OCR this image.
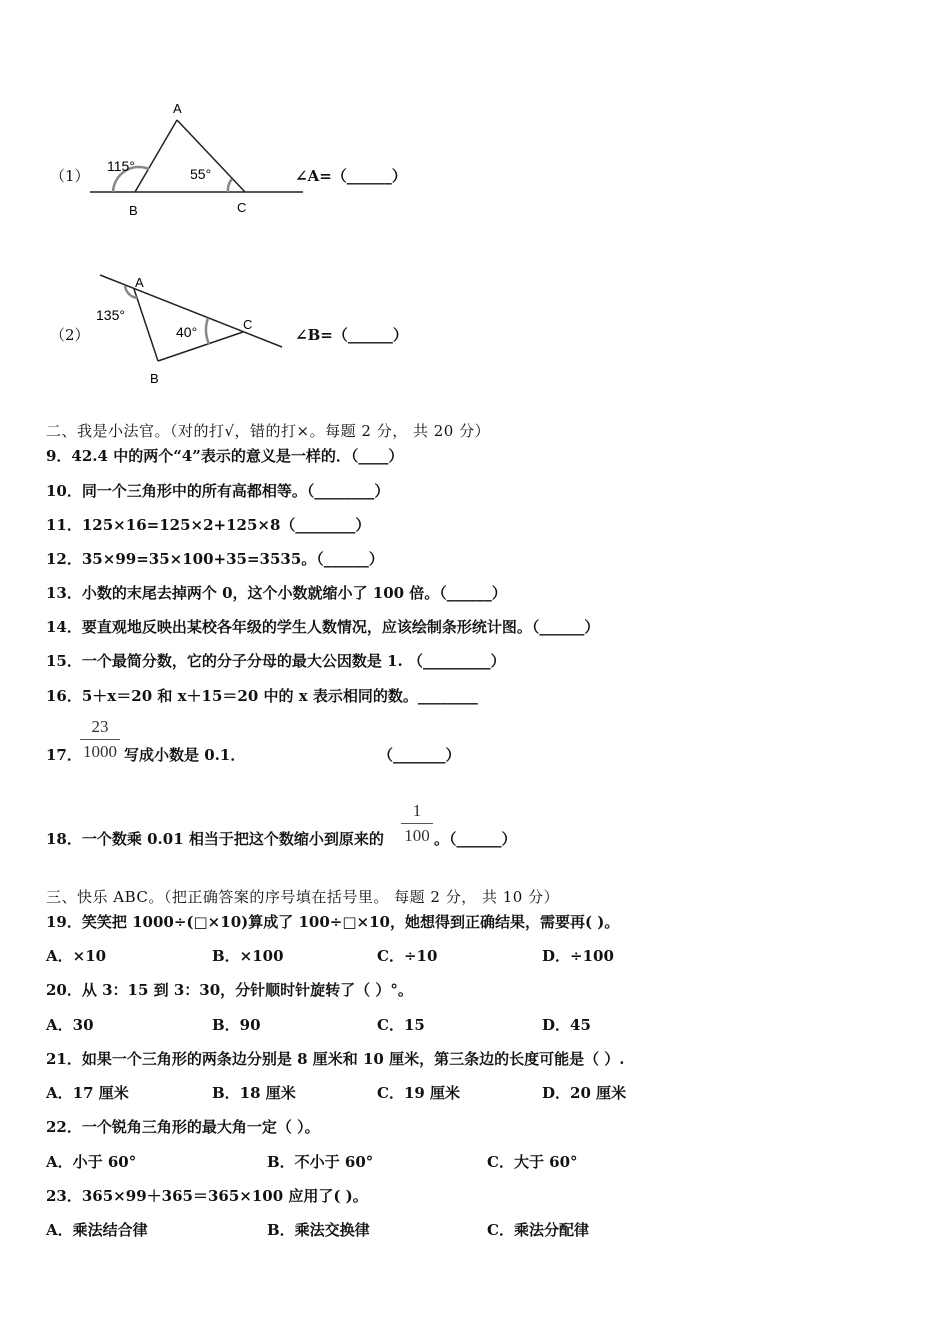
（1）
A
B	C
115°	55°	∠A=（______）
（2）
A
B
C
135°
40°	∠B=（______）
二、我是小法官。（对的打√，错的打×。每题 2 分， 共 20 分）
9．42.4 中的两个“4”表示的意义是一样的．（____）
10．同一个三角形中的所有高都相等。（________）
11．125×16=125×2+125×8（________）
12．35×99=35×100+35=3535。（______）
13．小数的末尾去掉两个 0，这个小数就缩小了 100 倍。（______）
14．要直观地反映出某校各年级的学生人数情况，应该绘制条形统计图。（______）
15．一个最简分数，它的分子分母的最大公因数是 1. （_________）
16．5＋x＝20 和 x＋15＝20 中的 x 表示相同的数。________
17．
23
1000 写成小数是 0.1．	（_______）
18．一个数乘 0.01 相当于把这个数缩小到原来的
1
100 。（______）
三、快乐 ABC。（把正确答案的序号填在括号里。 每题 2 分， 共 10 分）
19．笑笑把 1000÷(□×10)算成了 100÷□×10，她想得到正确结果，需要再( )。
A．×10	B．×100	C．÷10	D．÷100
20．从 3：15 到 3：30，分针顺时针旋转了（ ）°。
A．30	B．90	C．15	D．45
21．如果一个三角形的两条边分别是 8 厘米和 10 厘米，第三条边的长度可能是（ ）.
A．17 厘米	B．18 厘米	C．19 厘米	D．20 厘米
22．一个锐角三角形的最大角一定（ ）。
A．小于 60°	B．不小于 60°	C．大于 60°
23．365×99＋365＝365×100 应用了( )。
A．乘法结合律	B．乘法交换律	C．乘法分配律
